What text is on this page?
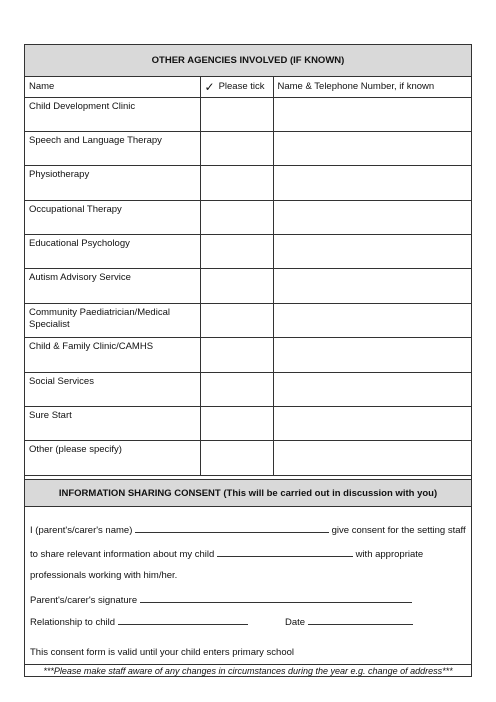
OTHER AGENCIES INVOLVED (IF KNOWN)
Name	✓ Please tick	Name & Telephone Number, if known
Child Development Clinic		
Speech and Language Therapy		
Physiotherapy		
Occupational Therapy		
Educational Psychology		
Autism Advisory Service		
Community Paediatrician/Medical Specialist		
Child & Family Clinic/CAMHS		
Social Services		
Sure Start		
Other (please specify)		
INFORMATION SHARING CONSENT (This will be carried out in discussion with you)
I (parent's/carer's name)	give consent for the setting staff
to share relevant information about my child	with appropriate
professionals working with him/her.
Parent's/carer's signature
Relationship to child	Date
This consent form is valid until your child enters primary school
***Please make staff aware of any changes in circumstances during the year e.g. change of address***
